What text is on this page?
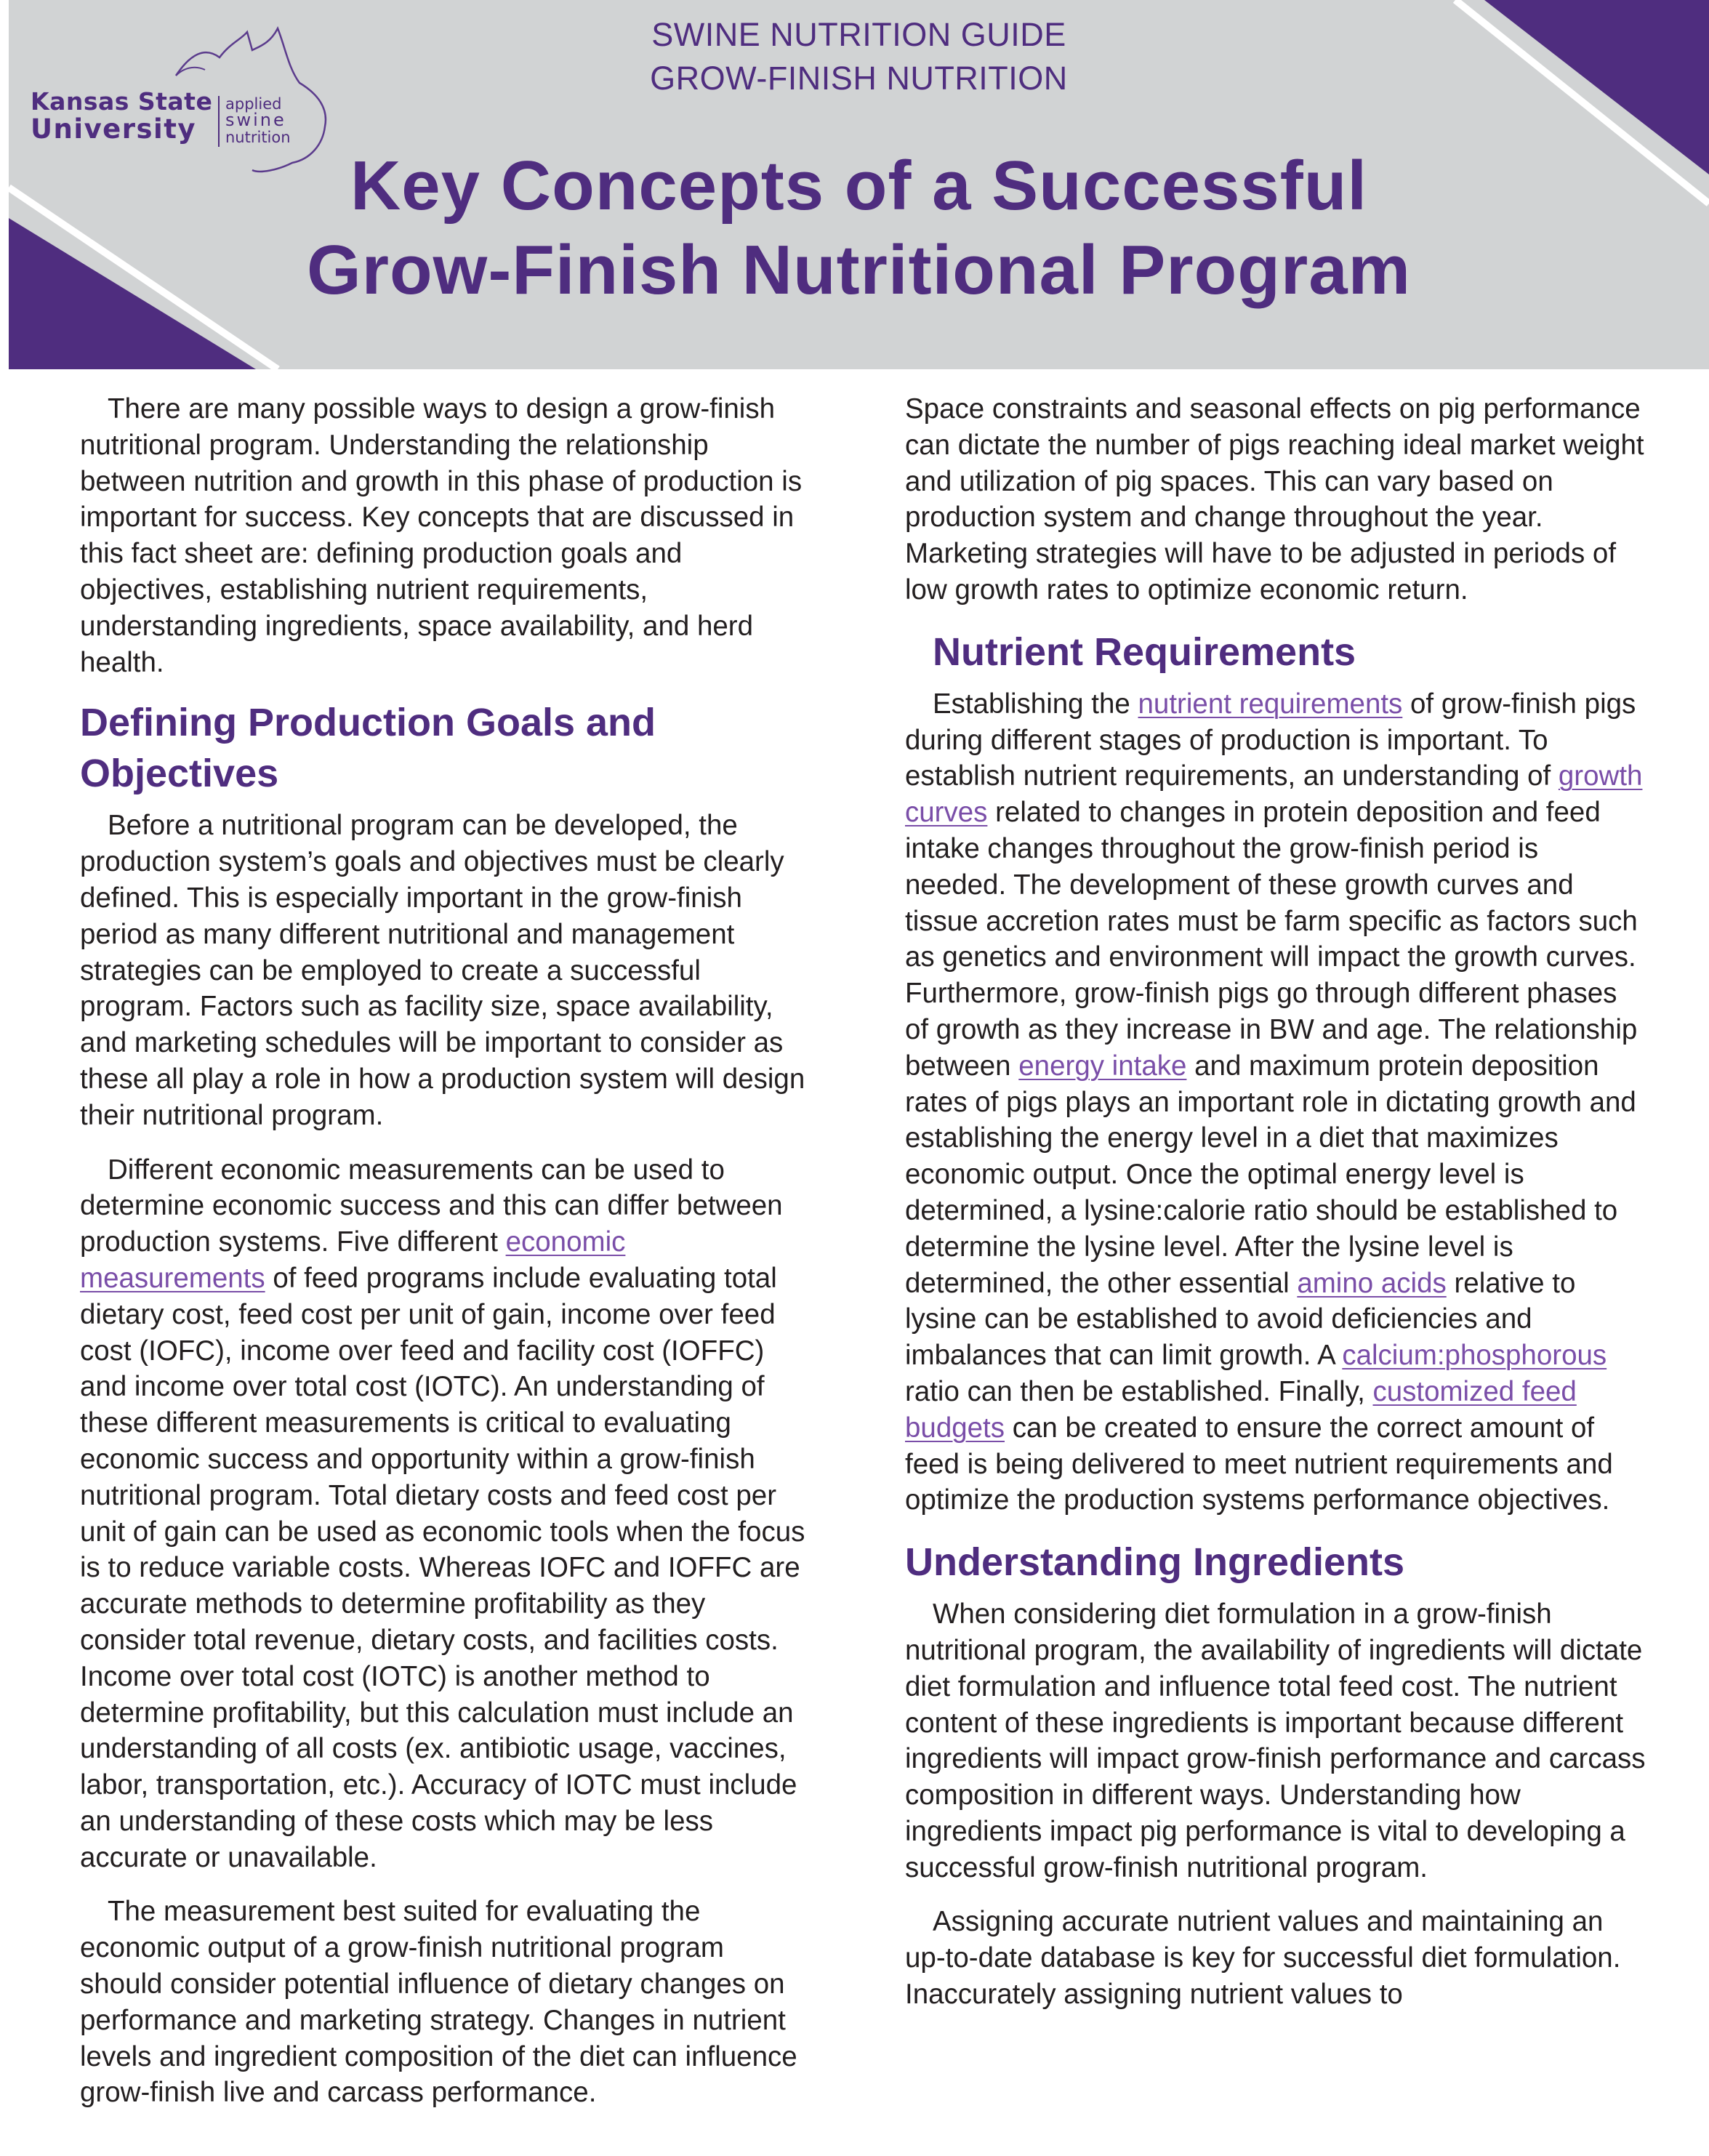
Kansas State
University
applied
swine
nutrition
SWINE NUTRITION GUIDE
GROW-FINISH NUTRITION
Key Concepts of a Successful
Grow-Finish Nutritional Program

There are many possible ways to design a grow-finish nutritional program. Understanding the relationship between nutrition and growth in this phase of production is important for success. Key concepts that are discussed in this fact sheet are: defining production goals and objectives, establishing nutrient requirements, understanding ingredients, space availability, and herd health.

Defining Production Goals and
Objectives

Before a nutritional program can be developed, the production system’s goals and objectives must be clearly defined. This is especially important in the grow-finish period as many different nutritional and management strategies can be employed to create a successful program. Factors such as facility size, space availability, and marketing schedules will be important to consider as these all play a role in how a production system will design their nutritional program.

Different economic measurements can be used to determine economic success and this can differ between production systems. Five different economic measurements of feed programs include evaluating total dietary cost, feed cost per unit of gain, income over feed cost (IOFC), income over feed and facility cost (IOFFC) and income over total cost (IOTC). An understanding of these different measurements is critical to evaluating economic success and opportunity within a grow-finish nutritional program. Total dietary costs and feed cost per unit of gain can be used as economic tools when the focus is to reduce variable costs. Whereas IOFC and IOFFC are accurate methods to determine profitability as they consider total revenue, dietary costs, and facilities costs. Income over total cost (IOTC) is another method to determine profitability, but this calculation must include an understanding of all costs (ex. antibiotic usage, vaccines, labor, transportation, etc.). Accuracy of IOTC must include an understanding of these costs which may be less accurate or unavailable.

The measurement best suited for evaluating the economic output of a grow-finish nutritional program should consider potential influence of dietary changes on performance and marketing strategy. Changes in nutrient levels and ingredient composition of the diet can influence grow-finish live and carcass performance.

Space constraints and seasonal effects on pig performance can dictate the number of pigs reaching ideal market weight and utilization of pig spaces. This can vary based on production system and change throughout the year. Marketing strategies will have to be adjusted in periods of low growth rates to optimize economic return.

Nutrient Requirements

Establishing the nutrient requirements of grow-finish pigs during different stages of production is important. To establish nutrient requirements, an understanding of growth curves related to changes in protein deposition and feed intake changes throughout the grow-finish period is needed. The development of these growth curves and tissue accretion rates must be farm specific as factors such as genetics and environment will impact the growth curves. Furthermore, grow-finish pigs go through different phases of growth as they increase in BW and age. The relationship between energy intake and maximum protein deposition rates of pigs plays an important role in dictating growth and establishing the energy level in a diet that maximizes economic output. Once the optimal energy level is determined, a lysine:calorie ratio should be established to determine the lysine level. After the lysine level is determined, the other essential amino acids relative to lysine can be established to avoid deficiencies and imbalances that can limit growth. A calcium:phosphorous ratio can then be established. Finally, customized feed budgets can be created to ensure the correct amount of feed is being delivered to meet nutrient requirements and optimize the production systems performance objectives.

Understanding Ingredients

When considering diet formulation in a grow-finish nutritional program, the availability of ingredients will dictate diet formulation and influence total feed cost. The nutrient content of these ingredients is important because different ingredients will impact grow-finish performance and carcass composition in different ways. Understanding how ingredients impact pig performance is vital to developing a successful grow-finish nutritional program.

Assigning accurate nutrient values and maintaining an up-to-date database is key for successful diet formulation. Inaccurately assigning nutrient values to
